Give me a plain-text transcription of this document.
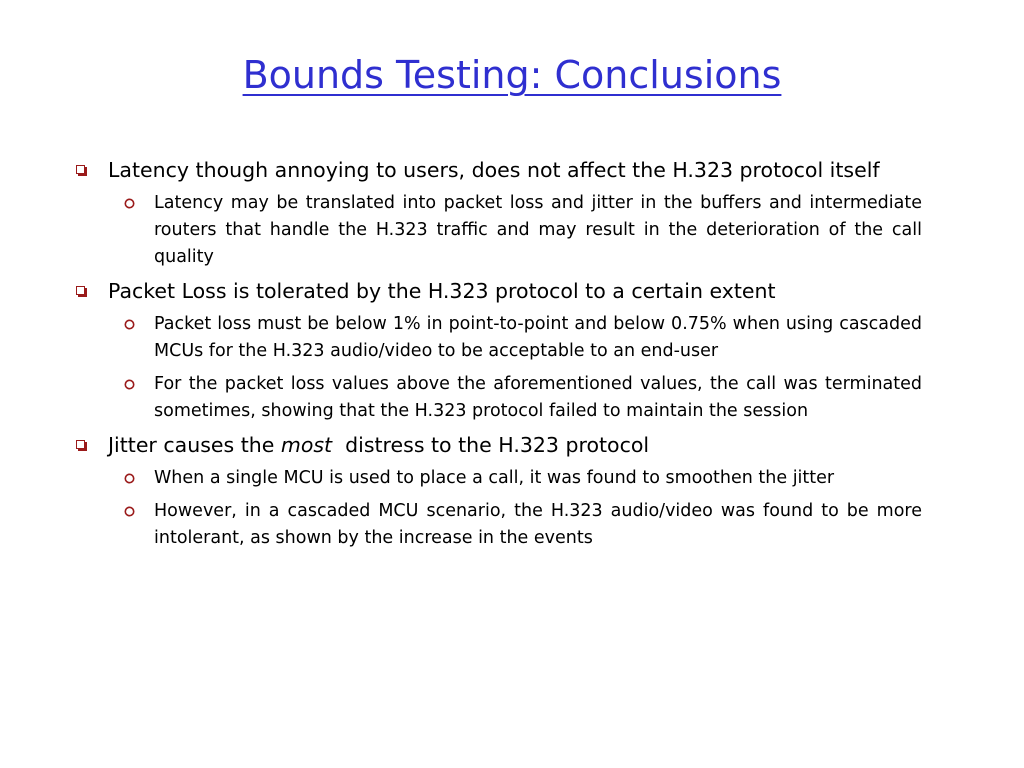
Bounds Testing: Conclusions
Latency though annoying to users, does not affect the H.323 protocol itself
Latency may be translated into packet loss and jitter in the buffers and intermediate routers that handle the H.323 traffic and may result in the deterioration of the call quality
Packet Loss is tolerated by the H.323 protocol to a certain extent
Packet loss must be below 1% in point-to-point and below 0.75% when using cascaded MCUs for the H.323 audio/video to be acceptable to an end-user
For the packet loss values above the aforementioned values, the call was terminated sometimes, showing that the H.323 protocol failed to maintain the session
Jitter causes the most  distress to the H.323 protocol
When a single MCU is used to place a call, it was found to smoothen the jitter
However, in a cascaded MCU scenario, the H.323 audio/video was found to be more intolerant, as shown by the increase in the events
